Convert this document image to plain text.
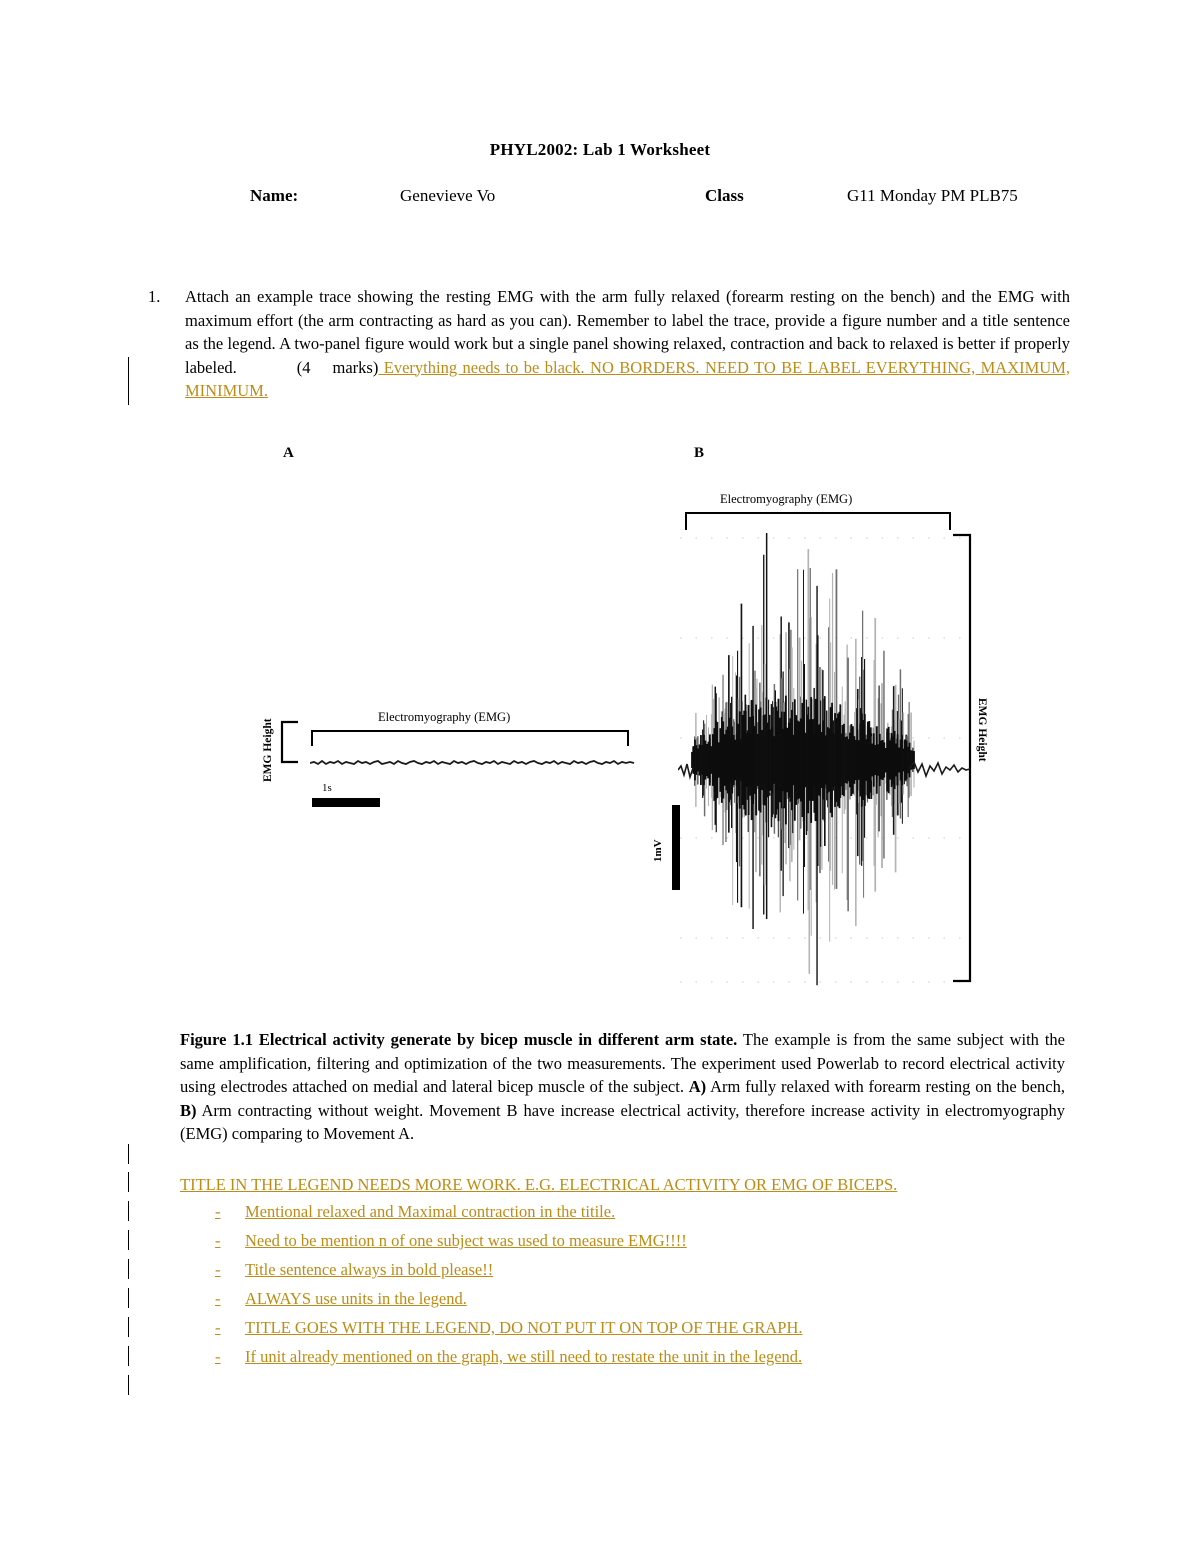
PHYL2002: Lab 1 Worksheet
Name:	Genevieve Vo	Class	G11 Monday PM PLB75
1.	Attach an example trace showing the resting EMG with the arm fully relaxed (forearm resting on the bench) and the EMG with maximum effort (the arm contracting as hard as you can). Remember to label the trace, provide a figure number and a title sentence as the legend. A two-panel figure would work but a single panel showing relaxed, contraction and back to relaxed is better if properly labeled.	(4 marks) Everything needs to be black. NO BORDERS. NEED TO BE LABEL EVERYTHING, MAXIMUM, MINIMUM.
A	B
EMG Height
Electromyography (EMG)
1s
Electromyography (EMG)
EMG Height
1mV
Figure 1.1 Electrical activity generate by bicep muscle in different arm state. The example is from the same subject with the same amplification, filtering and optimization of the two measurements. The experiment used Powerlab to record electrical activity using electrodes attached on medial and lateral bicep muscle of the subject. A) Arm fully relaxed with forearm resting on the bench, B) Arm contracting without weight. Movement B have increase electrical activity, therefore increase activity in electromyography (EMG) comparing to Movement A.
TITLE IN THE LEGEND NEEDS MORE WORK. E.G. ELECTRICAL ACTIVITY OR EMG OF BICEPS.
- Mentional relaxed and Maximal contraction in the titile.
- Need to be mention n of one subject was used to measure EMG!!!!
- Title sentence always in bold please!!
- ALWAYS use units in the legend.
- TITLE GOES WITH THE LEGEND, DO NOT PUT IT ON TOP OF THE GRAPH.
- If unit already mentioned on the graph, we still need to restate the unit in the legend.
